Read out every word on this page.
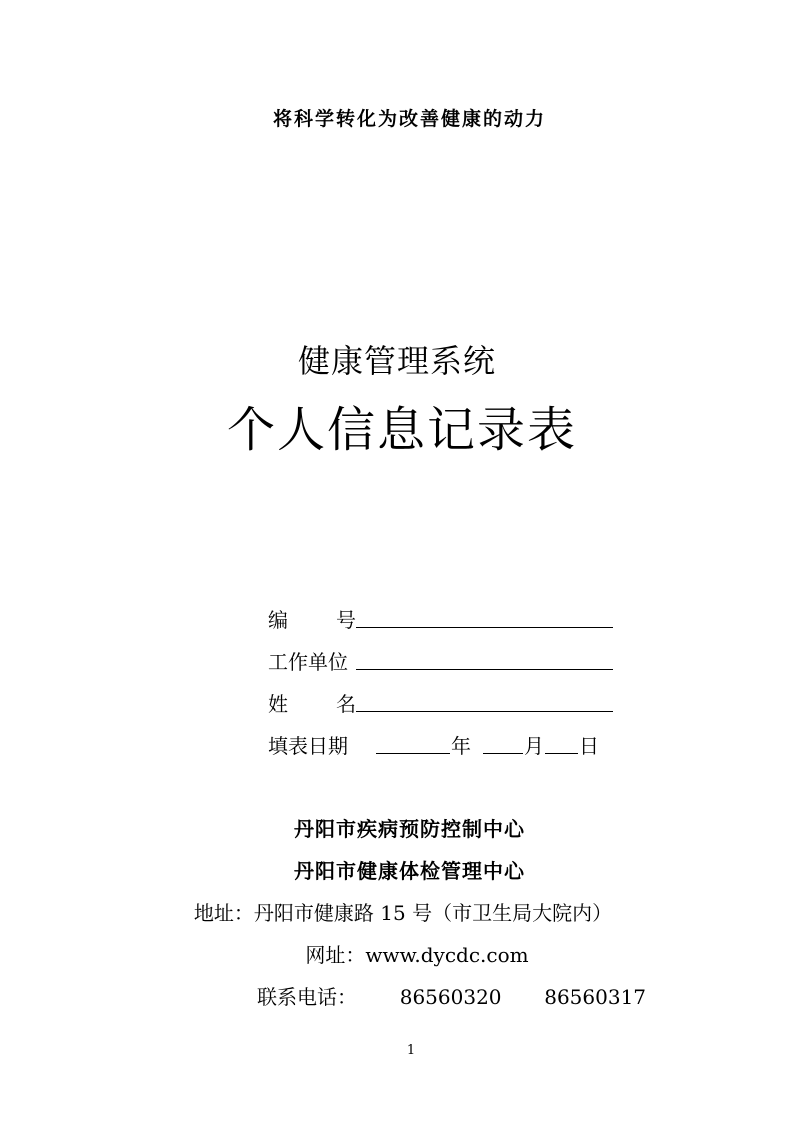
将科学转化为改善健康的动力
健康管理系统
个人信息记录表
编 号
工作单位
姓 名
填表日期	年	月 日
丹阳市疾病预防控制中心
丹阳市健康体检管理中心
地址：丹阳市健康路 15 号（市卫生局大院内）
网址：www.dycdc.com
联系电话： 86560320 86560317
1
